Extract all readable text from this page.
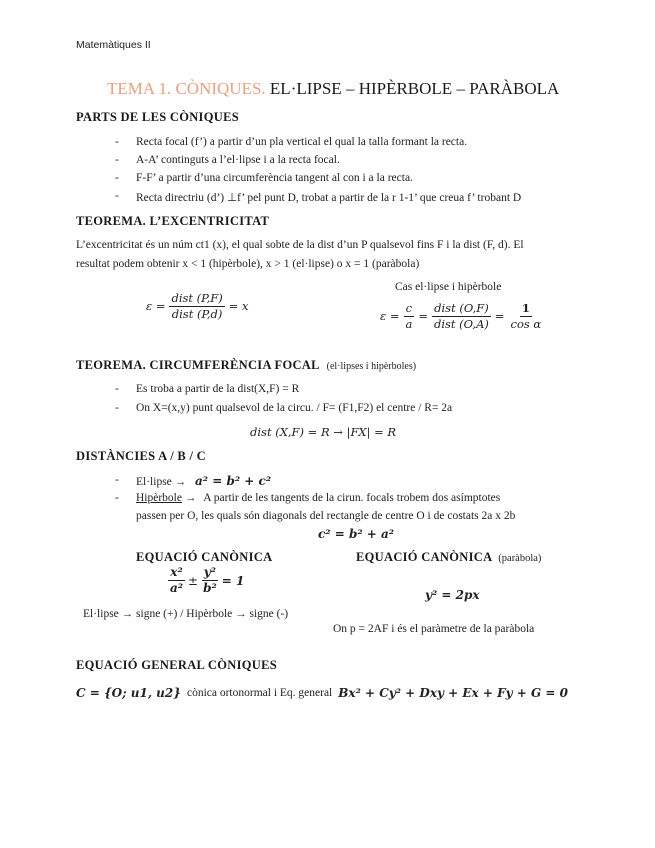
Matemàtiques II
TEMA 1. CÒNIQUES. EL·LIPSE – HIPÈRBOLE – PARÀBOLA
PARTS DE LES CÒNIQUES
- Recta focal (f’) a partir d’un pla vertical el qual la talla formant la recta.
- A-A’ continguts a l’el·lipse i a la recta focal.
- F-F’ a partir d’una circumferència tangent al con i a la recta.
- Recta directriu (d’) ⊥f’ pel punt D, trobat a partir de la r 1-1’ que creua f’ trobant D
TEOREMA. L’EXCENTRICITAT
L’excentricitat és un núm ct1 (x), el qual sobte de la dist d’un P qualsevol fins F i la dist (F, d). El
resultat podem obtenir x < 1 (hipèrbole), x > 1 (el·lipse) o x = 1 (paràbola)
$\varepsilon = \frac{\text{dist (P,F)}}{\text{dist (P,d)}} = x$
Cas el·lipse i hipèrbole
$\varepsilon = \frac{c}{a} = \frac{\text{dist (O,F)}}{\text{dist (O,A)}} = \frac{1}{\text{cos α}}$
TEOREMA. CIRCUMFERÈNCIA FOCAL (el·lipses i hipèrboles)
- Es troba a partir de la dist(X,F) = R
- On X=(x,y) punt qualsevol de la circu. / F= (F1,F2) el centre / R= 2a
dist (X,F) = R → |FX| = R
DISTÀNCIES A / B / C
- El·lipse → a² = b² + c²
- Hipèrbole → A partir de les tangents de la cirun. focals trobem dos asímptotes
passen per O, les quals són diagonals del rectangle de centre O i de costats 2a x 2b
c² = b² + a²
EQUACIÓ CANÒNICA
$\frac{\text{x²}}{\text{a²}} \pm \frac{\text{y²}}{\text{b²}} = 1$
El·lipse → signe (+) / Hipèrbole → signe (-)
EQUACIÓ CANÒNICA (paràbola)
y² = 2px
On p = 2AF i és el paràmetre de la paràbola
EQUACIÓ GENERAL CÒNIQUES
C = {O; u1, u2} cònica ortonormal i Eq. general Bx² + Cy² + Dxy + Ex + Fy + G = 0
